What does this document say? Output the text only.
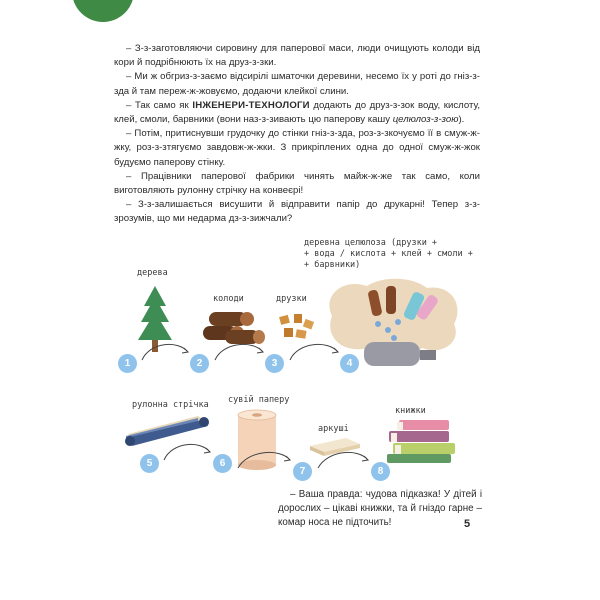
– З-з-заготовляючи сировину для паперової маси, люди очищують колоди від кори й подрібнюють їх на друз-з-зки.

– Ми ж обгриз-з-заємо відсирілі шматочки деревини, несемо їх у роті до гніз-з-зда й там переж-ж-жовуємо, додаючи клейкої слини.

– Так само як ІНЖЕНЕРИ-ТЕХНОЛОГИ додають до друз-з-зок воду, кислоту, клей, смоли, барвники (вони наз-з-зивають цю паперову кашу целюлоз-з-зою).

– Потім, притиснувши грудочку до стінки гніз-з-зда, роз-з-зкочуємо її в смуж-ж-жку, роз-з-зтягуємо завдовж-ж-жки. З прикріплених одна до одної смуж-ж-жок будуємо паперову стінку.

– Працівники паперової фабрики чинять майж-ж-же так само, коли виготовляють рулонну стрічку на конвеєрі!

– З-з-залишається висушити й відправити папір до друкарні! Тепер з-з-зрозумів, що ми недарма дз-з-зижчали?

дерева
колоди	друзки
деревна целюлоза (друзки +
+ вода / кислота + клей + смоли +
+ барвники)
1	2	3	4
рулонна стрічка сувій паперу
аркуші
книжки
5	6
7	8

– Ваша правда: чудова підказка! У дітей і дорослих – цікаві книжки, та й гніздо гарне – комар носа не підточить!	5
